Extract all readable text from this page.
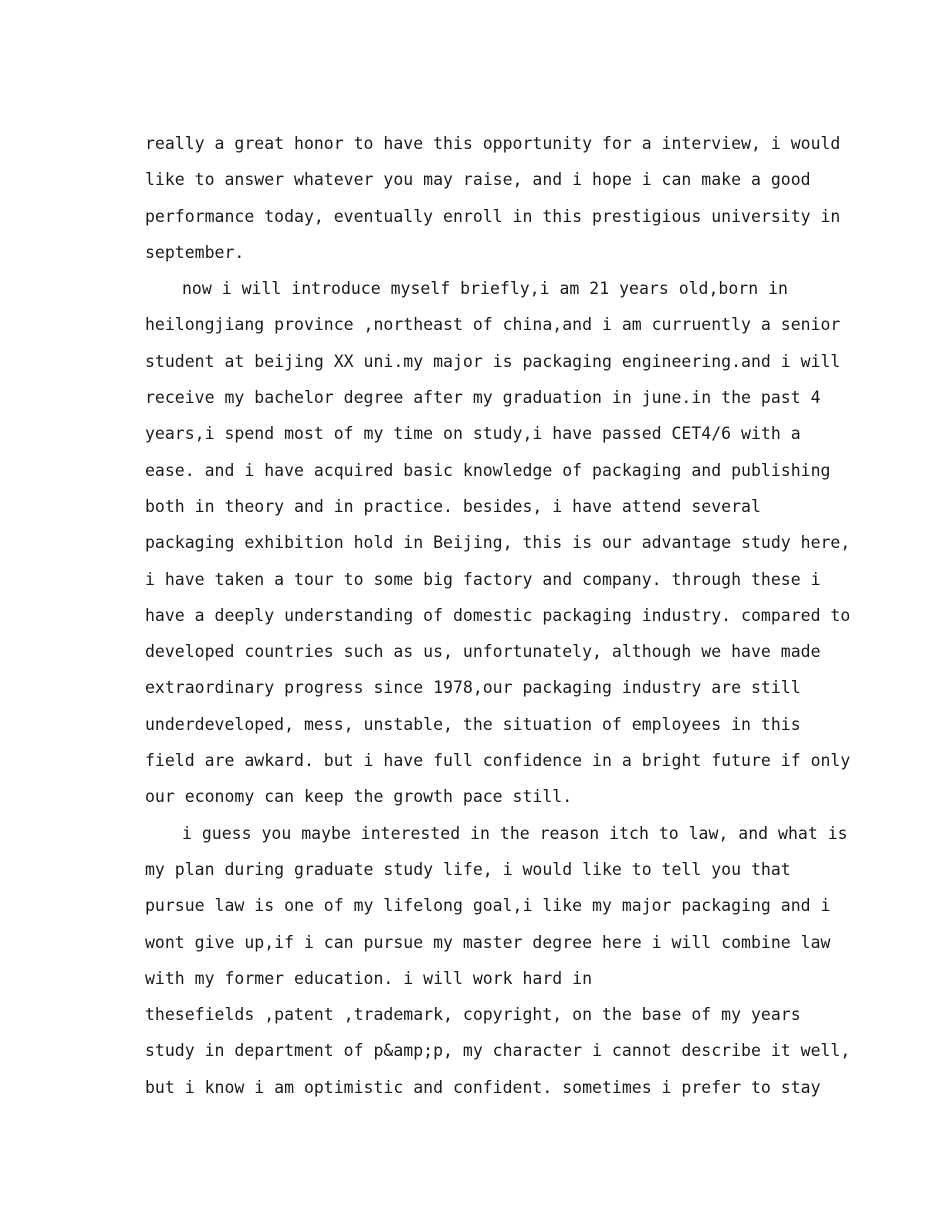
really a great honor to have this opportunity for a interview, i would
like to answer whatever you may raise, and i hope i can make a good
performance today, eventually enroll in this prestigious university in
september.
now i will introduce myself briefly,i am 21 years old,born in
heilongjiang province ,northeast of china,and i am curruently a senior
student at beijing XX uni.my major is packaging engineering.and i will
receive my bachelor degree after my graduation in june.in the past 4
years,i spend most of my time on study,i have passed CET4/6 with a
ease. and i have acquired basic knowledge of packaging and publishing
both in theory and in practice. besides, i have attend several
packaging exhibition hold in Beijing, this is our advantage study here,
i have taken a tour to some big factory and company. through these i
have a deeply understanding of domestic packaging industry. compared to
developed countries such as us, unfortunately, although we have made
extraordinary progress since 1978,our packaging industry are still
underdeveloped, mess, unstable, the situation of employees in this
field are awkard. but i have full confidence in a bright future if only
our economy can keep the growth pace still.
i guess you maybe interested in the reason itch to law, and what is
my plan during graduate study life, i would like to tell you that
pursue law is one of my lifelong goal,i like my major packaging and i
wont give up,if i can pursue my master degree here i will combine law
with my former education. i will work hard in
thesefields ,patent ,trademark, copyright, on the base of my years
study in department of p&amp;p, my character i cannot describe it well,
but i know i am optimistic and confident. sometimes i prefer to stay
